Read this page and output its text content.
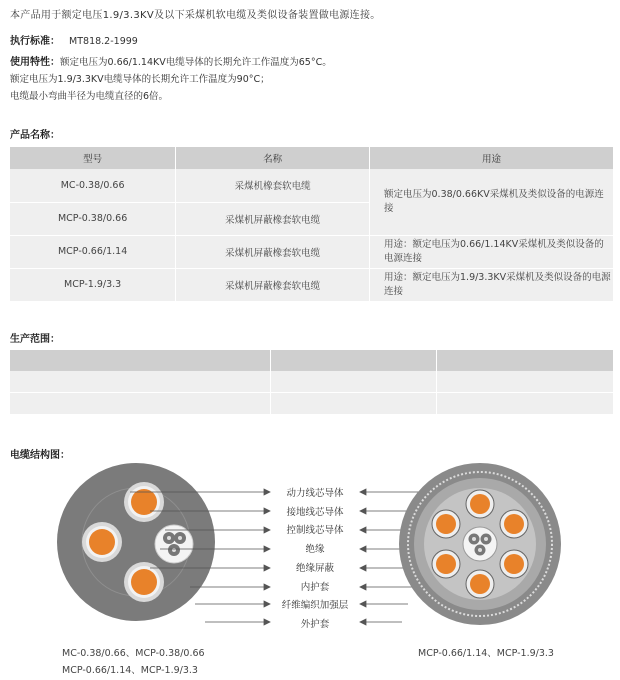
本产品用于额定电压1.9/3.3KV及以下采煤机软电缆及类似设备装置做电源连接。
执行标准： MT818.2-1999
使用特性：额定电压为0.66/1.14KV电缆导体的长期允许工作温度为65°C。
额定电压为1.9/3.3KV电缆导体的长期允许工作温度为90°C；
电缆最小弯曲半径为电缆直径的6倍。
产品名称：
型号	名称	用途
MC-0.38/0.66	采煤机橡套软电缆	额定电压为0.38/0.66KV采煤机及类似设备的电源连接

MCP-0.38/0.66	采煤机屏蔽橡套软电缆	
MCP-0.66/1.14	采煤机屏蔽橡套软电缆	用途：额定电压为0.66/1.14KV采煤机及类似设备的电源连接

MCP-1.9/3.3	采煤机屏蔽橡套软电缆	用途：额定电压为1.9/3.3KV采煤机及类似设备的电源连接
生产范围：

电缆结构图：
动力线芯导体
接地线芯导体
控制线芯导体
绝缘
绝缘屏蔽
内护套
纤维编织加强层
外护套
MC-0.38/0.66、MCP-0.38/0.66
MCP-0.66/1.14、MCP-1.9/3.3
MCP-0.66/1.14、MCP-1.9/3.3
